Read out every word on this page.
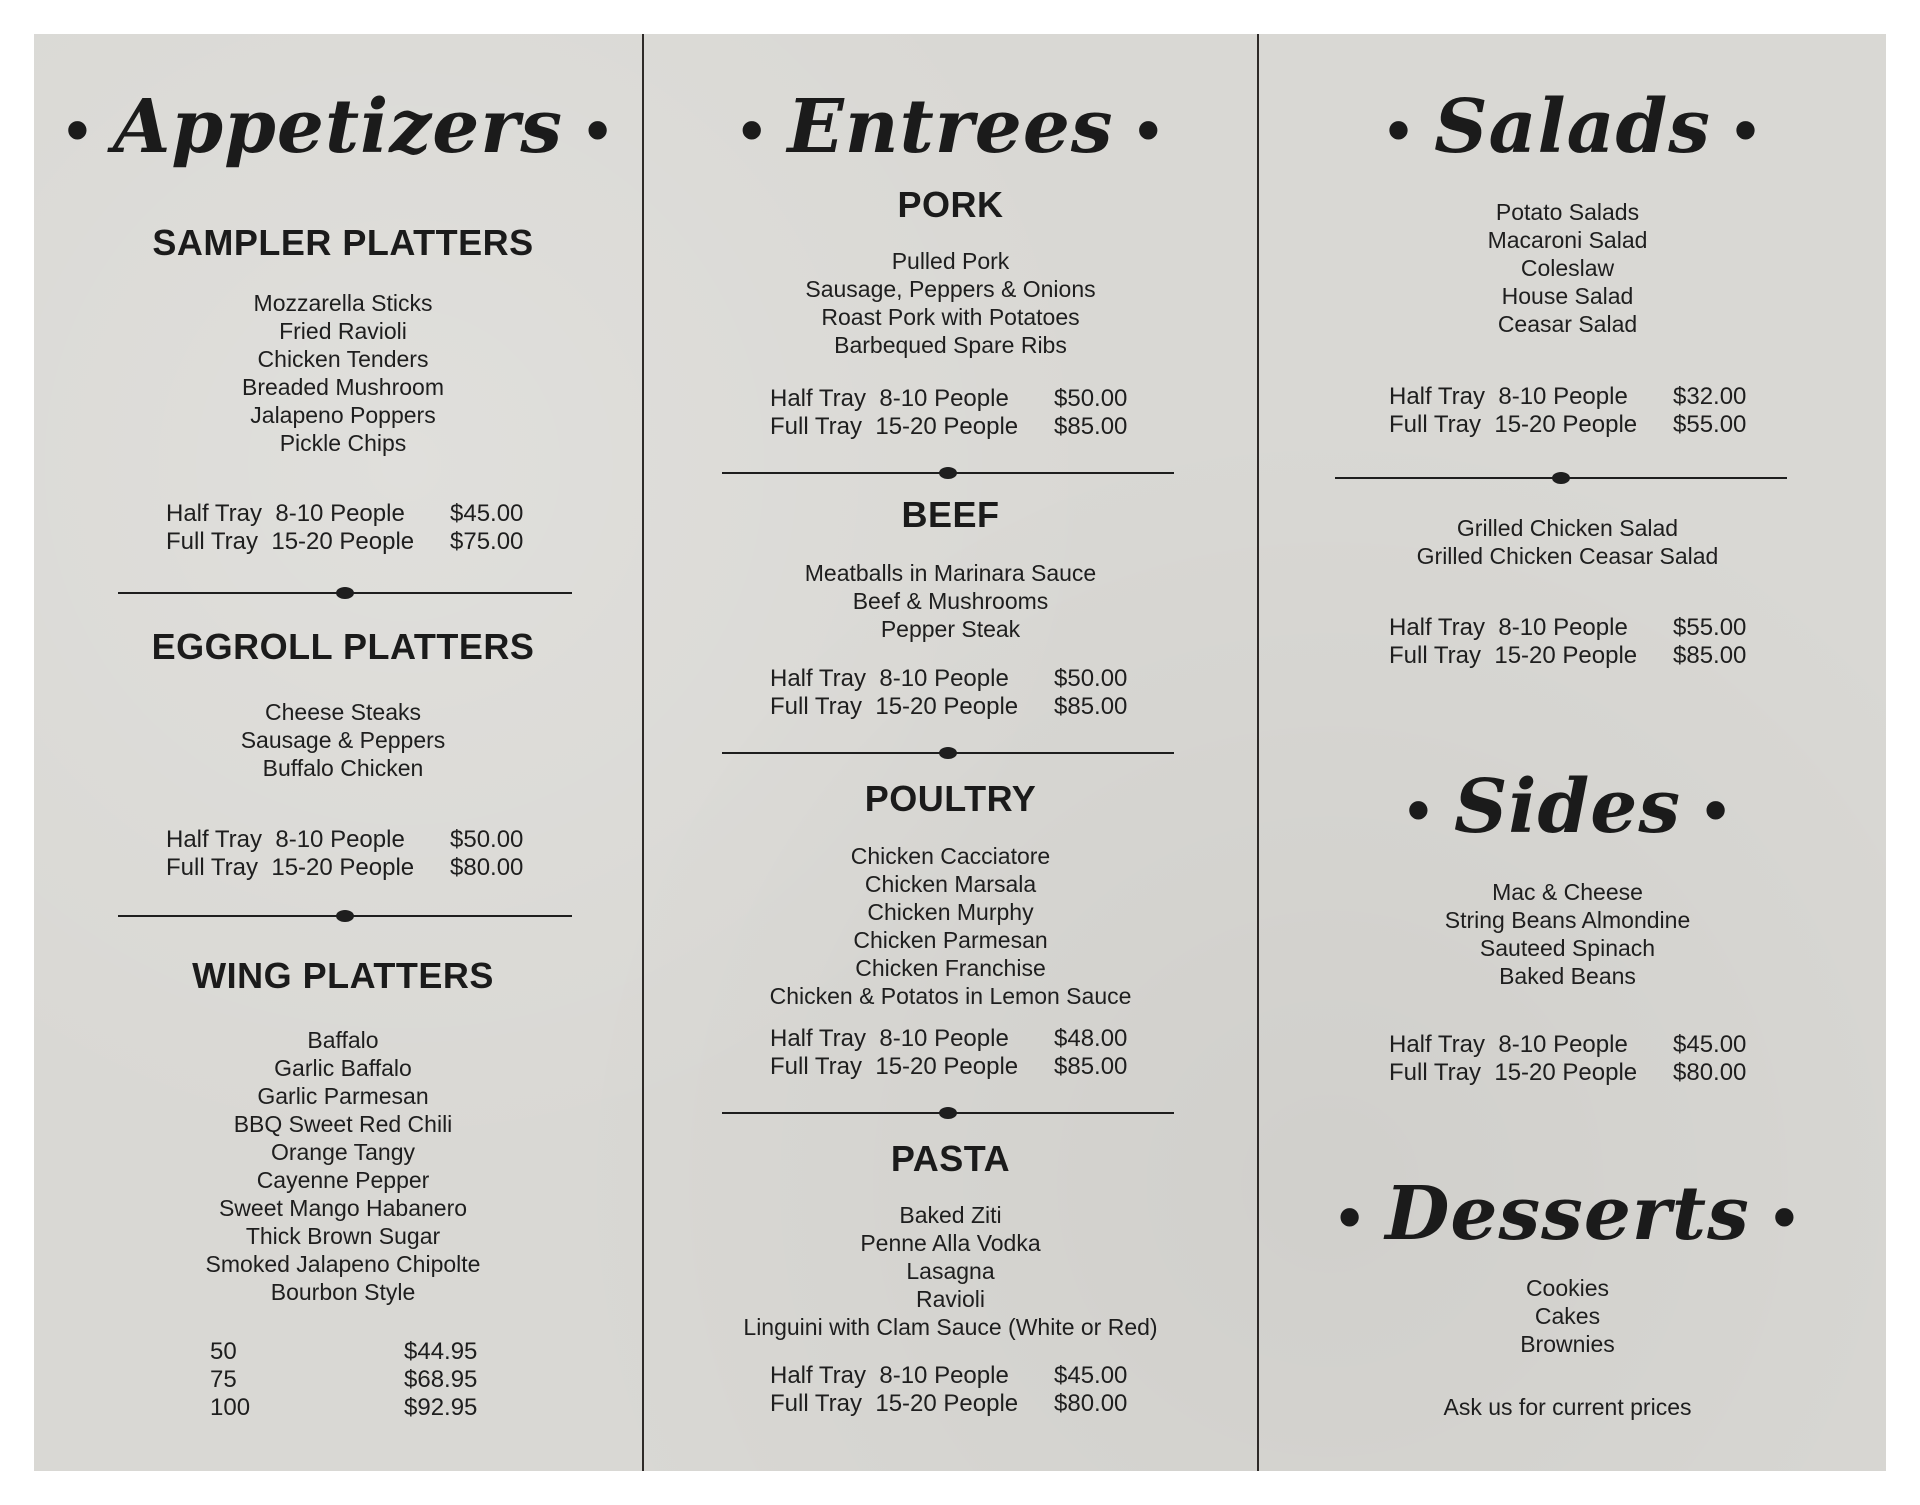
• Appetizers •
SAMPLER PLATTERS
Mozzarella Sticks
Fried Ravioli
Chicken Tenders
Breaded Mushroom
Jalapeno Poppers
Pickle Chips
Half Tray  8-10 People $45.00
Full Tray  15-20 People $75.00
EGGROLL PLATTERS
Cheese Steaks
Sausage & Peppers
Buffalo Chicken
Half Tray  8-10 People $50.00
Full Tray  15-20 People $80.00
WING PLATTERS
Baffalo
Garlic Baffalo
Garlic Parmesan
BBQ Sweet Red Chili
Orange Tangy
Cayenne Pepper
Sweet Mango Habanero
Thick Brown Sugar
Smoked Jalapeno Chipolte
Bourbon Style
50	$44.95
75	$68.95
100	$92.95
• Entrees •
PORK
Pulled Pork
Sausage, Peppers & Onions
Roast Pork with Potatoes
Barbequed Spare Ribs
Half Tray  8-10 People $50.00
Full Tray  15-20 People $85.00
BEEF
Meatballs in Marinara Sauce
Beef & Mushrooms
Pepper Steak
Half Tray  8-10 People $50.00
Full Tray  15-20 People $85.00
POULTRY
Chicken Cacciatore
Chicken Marsala
Chicken Murphy
Chicken Parmesan
Chicken Franchise
Chicken & Potatos in Lemon Sauce
Half Tray  8-10 People $48.00
Full Tray  15-20 People $85.00
PASTA
Baked Ziti
Penne Alla Vodka
Lasagna
Ravioli
Linguini with Clam Sauce (White or Red)
Half Tray  8-10 People $45.00
Full Tray  15-20 People $80.00
• Salads •
Potato Salads
Macaroni Salad
Coleslaw
House Salad
Ceasar Salad
Half Tray  8-10 People $32.00
Full Tray  15-20 People $55.00
Grilled Chicken Salad
Grilled Chicken Ceasar Salad
Half Tray  8-10 People $55.00
Full Tray  15-20 People $85.00
• Sides •
Mac & Cheese
String Beans Almondine
Sauteed Spinach
Baked Beans
Half Tray  8-10 People $45.00
Full Tray  15-20 People $80.00
• Desserts •
Cookies
Cakes
Brownies
Ask us for current prices
